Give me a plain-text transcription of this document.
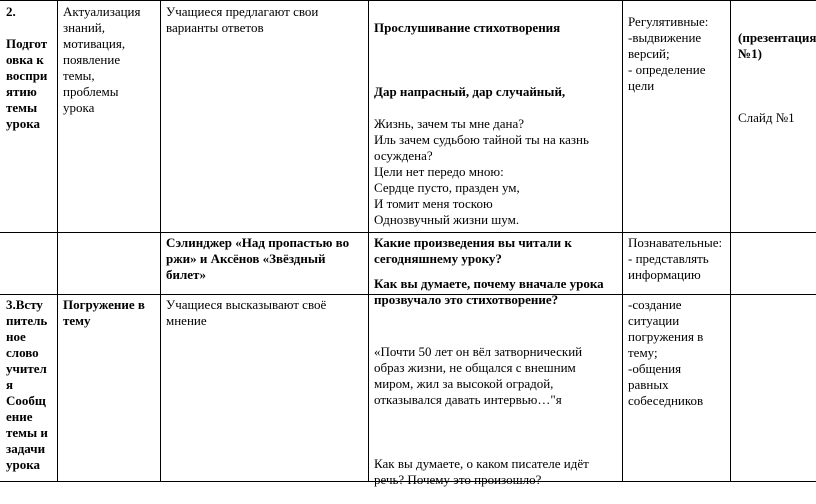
2.

Подгот
овка к
воспри
ятию
темы
урока
Актуализация
знаний,
мотивация,
появление
темы,
проблемы
урока
Учащиеся предлагают свои
варианты ответов	Прослушивание стихотворения

Дар напрасный, дар случайный,

Жизнь, зачем ты мне дана?
Иль зачем судьбою тайной ты на казнь
осуждена?
Цели нет передо мною:
Сердце пусто, празден ум,
И томит меня тоскою
Однозвучный жизни шум.

Как вы думаете, почему вначале урока
прозвучало это стихотворение?

Регулятивные:
-выдвижение
версий;
- определение
цели

(презентация
№1)

Слайд №1

Сэлинджер «Над пропастью во
ржи» и Аксёнов «Звёздный
билет»
Какие произведения вы читали к
сегодняшнему уроку?
Познавательные:
- представлять
информацию
3.Всту
питель
ное
слово
учител
я
Сообщ
ение
темы и
задачи
урока
Погружение в
тему
Учащиеся высказывают своё
мнение

«Почти 50 лет он вёл затворнический
образ жизни, не общался с внешним
миром, жил за высокой оградой,
отказывался давать интервью…"я

Как вы думаете, о каком писателе идёт
речь? Почему это произошло?

-создание
ситуации
погружения в
тему;
-общения
равных
собеседников
